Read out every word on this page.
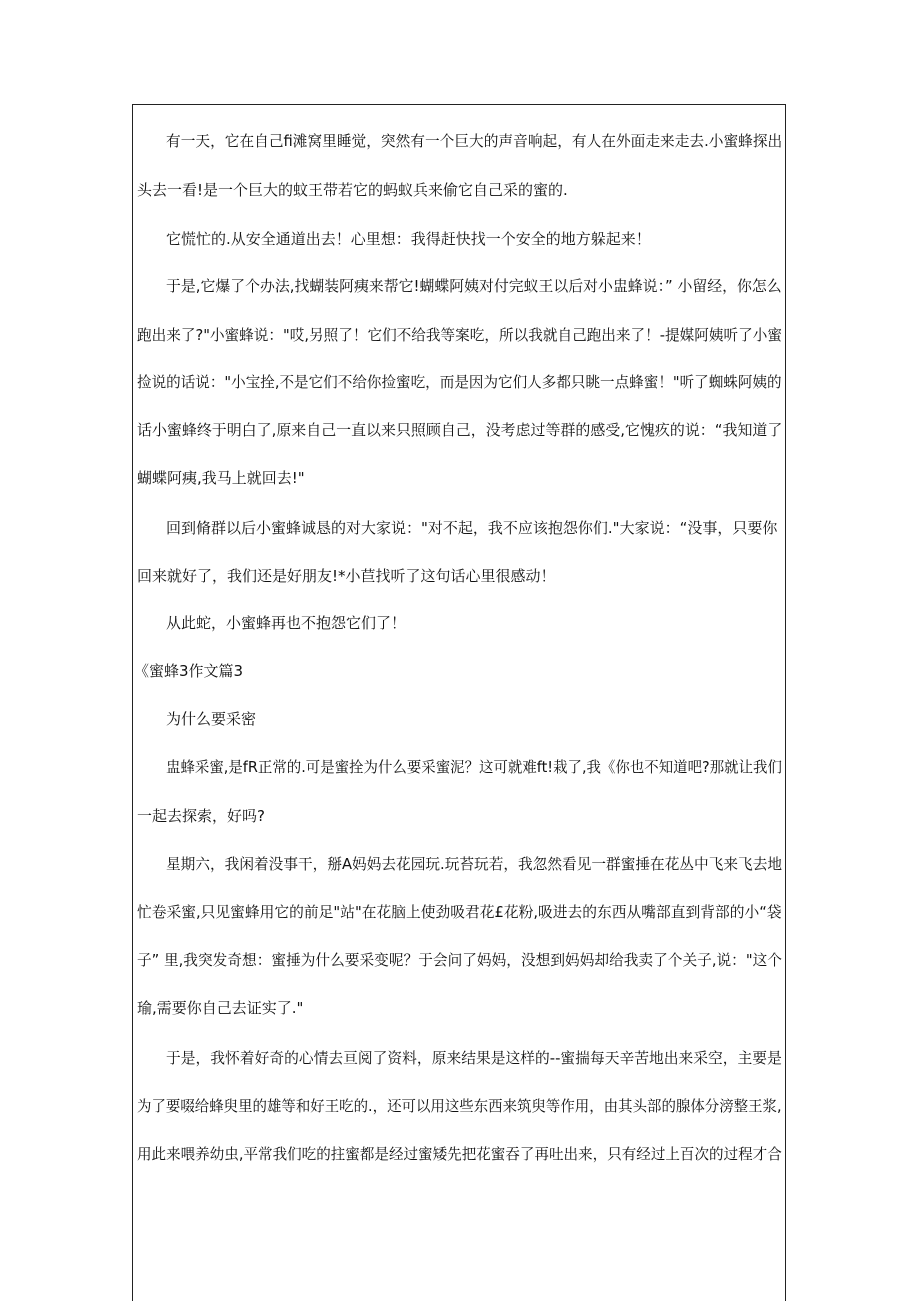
有一天，它在自己fi滩窝里睡觉，突然有一个巨大的声音响起，有人在外面走来走去.小蜜蜂探出
头去一看!是一个巨大的蚊王带若它的蚂蚁兵来偷它自己采的蜜的.
它慌忙的.从安全通道出去！心里想：我得赶快找一个安全的地方躲起来！
于是,它爆了个办法,找蝴装阿痍来帮它!蝴蝶阿姨对付完蚁王以后对小盅蜂说：” 小留经，你怎么
跑出来了?"小蜜蜂说："哎,另照了！它们不给我等案吃，所以我就自己跑出来了！-提媒阿姨听了小蜜
捡说的话说："小宝拴,不是它们不给你捡蜜吃，而是因为它们人多都只眺一点蜂蜜！"听了蜘蛛阿姨的
话小蜜蜂终于明白了,原来自己一直以来只照顾自己，没考虑过等群的感受,它愧疚的说：“我知道了
蝴蝶阿痍,我马上就回去!"
回到脩群以后小蜜蜂诚恳的对大家说："对不起，我不应该抱怨你们."大家说：“没事，只要你
回来就好了，我们还是好朋友!*小苣找听了这句话心里很感动！
从此蛇，小蜜蜂再也不抱怨它们了！
《蜜蜂3作文篇3
为什么要采密
盅蜂采蜜,是fR正常的.可是蜜拴为什么要采蜜泥？这可就难ft!栽了,我《你也不知道吧?那就让我们
一起去探索，好吗?
星期六，我闲着没事干，掰A妈妈去花园玩.玩苔玩若，我忽然看见一群蜜捶在花丛中飞来飞去地
忙卷采蜜,只见蜜蜂用它的前足"站"在花脑上使劲吸君花£花粉,吸进去的东西从嘴部直到背部的小“袋
子” 里,我突发奇想：蜜捶为什么要采变呢？于会问了妈妈，没想到妈妈却给我卖了个关子,说："这个
瑜,需要你自己去证实了."
于是，我怀着好奇的心情去亘阅了资料，原来结果是这样的--蜜揣每天辛苦地出来采空，主要是
为了要啜给蜂臾里的雄等和好王吃的.，还可以用这些东西来筑臾等作用，由其头部的腺体分滂整王浆,
用此来喂养幼虫,平常我们吃的拄蜜都是经过蜜矮先把花蜜吞了再吐出来，只有经过上百次的过程才合
